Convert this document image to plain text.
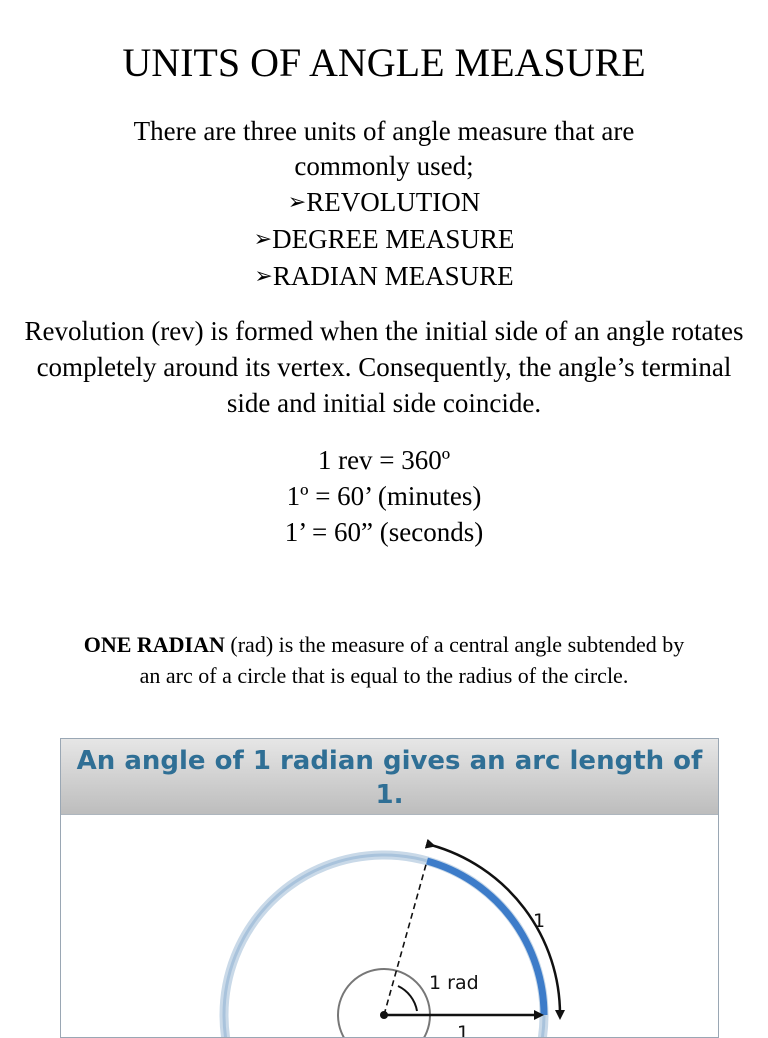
UNITS OF ANGLE MEASURE
There are three units of angle measure that are commonly used;
➢REVOLUTION
➢DEGREE MEASURE
➢RADIAN MEASURE
Revolution (rev) is formed when the initial side of an angle rotates completely around its vertex. Consequently, the angle’s terminal side and initial side coincide.
1 rev = 360º
1º = 60’ (minutes)
1’ = 60” (seconds)
ONE RADIAN (rad) is the measure of a central angle subtended by an arc of a circle that is equal to the radius of the circle.
An angle of 1 radian gives an arc length of 1.
1
1 rad
1
